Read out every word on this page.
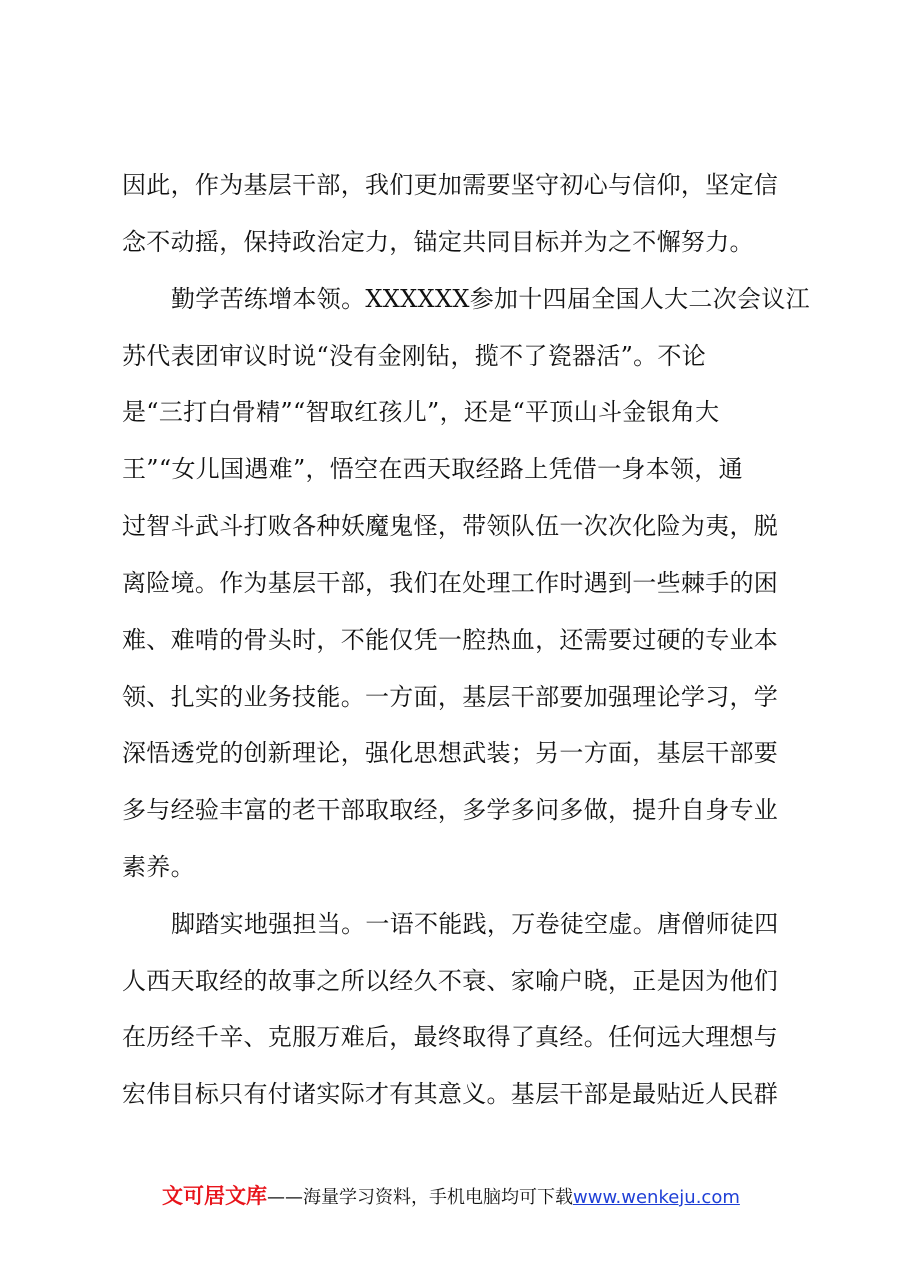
因此，作为基层干部，我们更加需要坚守初心与信仰，坚定信
念不动摇，保持政治定力，锚定共同目标并为之不懈努力。
勤学苦练增本领。XXXXXX参加十四届全国人大二次会议江
苏代表团审议时说“没有金刚钻，揽不了瓷器活”。不论
是“三打白骨精”“智取红孩儿”，还是“平顶山斗金银角大
王”“女儿国遇难”，悟空在西天取经路上凭借一身本领，通
过智斗武斗打败各种妖魔鬼怪，带领队伍一次次化险为夷，脱
离险境。作为基层干部，我们在处理工作时遇到一些棘手的困
难、难啃的骨头时，不能仅凭一腔热血，还需要过硬的专业本
领、扎实的业务技能。一方面，基层干部要加强理论学习，学
深悟透党的创新理论，强化思想武装；另一方面，基层干部要
多与经验丰富的老干部取取经，多学多问多做，提升自身专业
素养。
脚踏实地强担当。一语不能践，万卷徒空虚。唐僧师徒四
人西天取经的故事之所以经久不衰、家喻户晓，正是因为他们
在历经千辛、克服万难后，最终取得了真经。任何远大理想与
宏伟目标只有付诸实际才有其意义。基层干部是最贴近人民群
文可居文库——海量学习资料，手机电脑均可下载www.wenkeju.com
